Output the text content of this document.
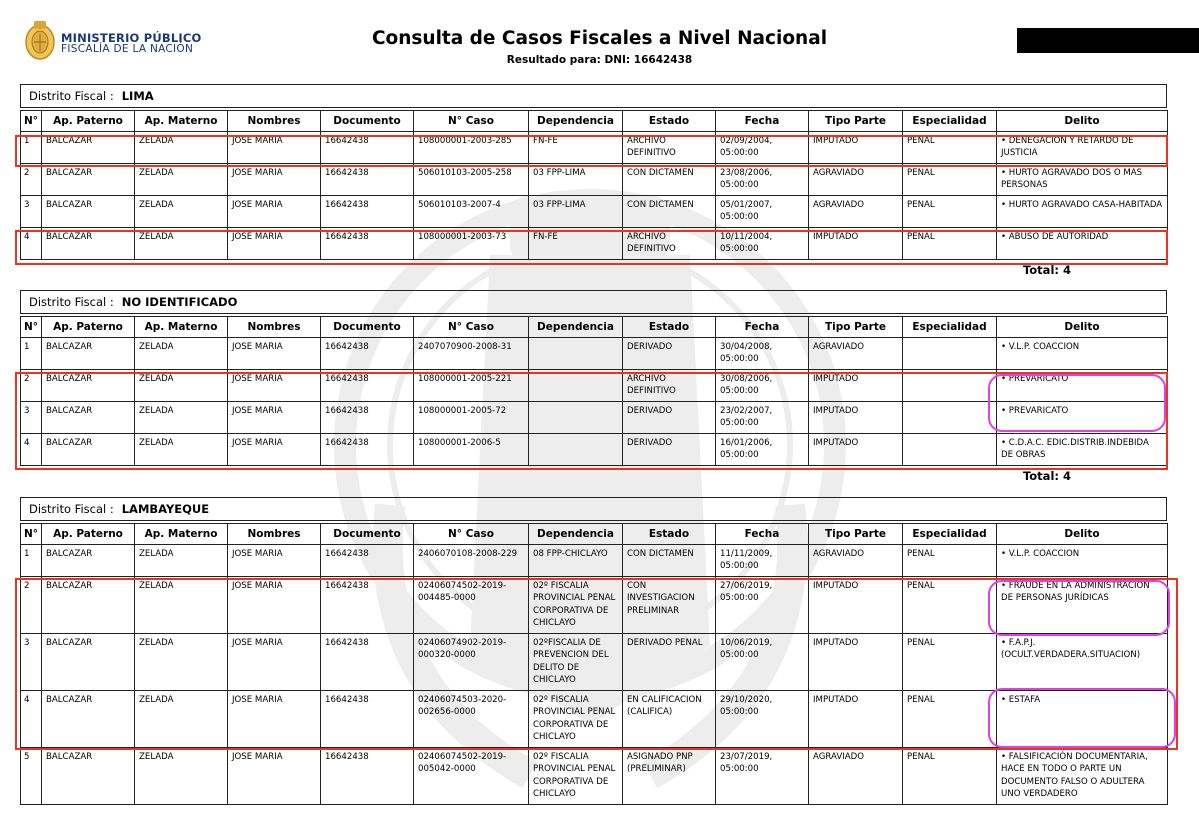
MINISTERIO PÚBLICO
FISCALÍA DE LA NACIÓN	Consulta de Casos Fiscales a Nivel Nacional
Resultado para: DNI: 16642438
Distrito Fiscal : LIMA
N°	Ap. Paterno	Ap. Materno	Nombres	Documento	N° Caso	Dependencia	Estado	Fecha	Tipo Parte	Especialidad	Delito
1	BALCAZAR	ZELADA	JOSE MARIA	16642438	108000001-2003-285	FN-FE	ARCHIVO DEFINITIVO	02/09/2004, 05:00:00	IMPUTADO	PENAL	• DENEGACION Y RETARDO DE JUSTICIA
2	BALCAZAR	ZELADA	JOSE MARIA	16642438	506010103-2005-258	03 FPP-LIMA	CON DICTAMEN	23/08/2006, 05:00:00	AGRAVIADO	PENAL	• HURTO AGRAVADO DOS O MAS PERSONAS
3	BALCAZAR	ZELADA	JOSE MARIA	16642438	506010103-2007-4	03 FPP-LIMA	CON DICTAMEN	05/01/2007, 05:00:00	AGRAVIADO	PENAL	• HURTO AGRAVADO CASA-HABITADA
4	BALCAZAR	ZELADA	JOSE MARIA	16642438	108000001-2003-73	FN-FE	ARCHIVO DEFINITIVO	10/11/2004, 05:00:00	IMPUTADO	PENAL	• ABUSO DE AUTORIDAD
Total: 4
Distrito Fiscal : NO IDENTIFICADO
N°	Ap. Paterno	Ap. Materno	Nombres	Documento	N° Caso	Dependencia	Estado	Fecha	Tipo Parte	Especialidad	Delito
1	BALCAZAR	ZELADA	JOSE MARIA	16642438	2407070900-2008-31		DERIVADO	30/04/2008, 05:00:00	AGRAVIADO		• V.L.P. COACCION
2	BALCAZAR	ZELADA	JOSE MARIA	16642438	108000001-2005-221		ARCHIVO DEFINITIVO	30/08/2006, 05:00:00	IMPUTADO		• PREVARICATO
3	BALCAZAR	ZELADA	JOSE MARIA	16642438	108000001-2005-72		DERIVADO	23/02/2007, 05:00:00	IMPUTADO		• PREVARICATO
4	BALCAZAR	ZELADA	JOSE MARIA	16642438	108000001-2006-5		DERIVADO	16/01/2006, 05:00:00	IMPUTADO		• C.D.A.C. EDIC.DISTRIB.INDEBIDA DE OBRAS
Total: 4
Distrito Fiscal : LAMBAYEQUE
N°	Ap. Paterno	Ap. Materno	Nombres	Documento	N° Caso	Dependencia	Estado	Fecha	Tipo Parte	Especialidad	Delito
1	BALCAZAR	ZELADA	JOSE MARIA	16642438	2406070108-2008-229	08 FPP-CHICLAYO	CON DICTAMEN	11/11/2009, 05:00:00	AGRAVIADO	PENAL	• V.L.P. COACCION
2	BALCAZAR	ZELADA	JOSE MARIA	16642438	02406074502-2019-004485-0000	02º FISCALIA PROVINCIAL PENAL CORPORATIVA DE CHICLAYO	CON INVESTIGACION PRELIMINAR	27/06/2019, 05:00:00	IMPUTADO	PENAL	• FRAUDE EN LA ADMINISTRACIÓN DE PERSONAS JURÍDICAS
3	BALCAZAR	ZELADA	JOSE MARIA	16642438	02406074902-2019-000320-0000	02ºFISCALIA DE PREVENCION DEL DELITO DE CHICLAYO	DERIVADO PENAL	10/06/2019, 05:00:00	IMPUTADO	PENAL	• F.A.P.J.(OCULT.VERDADERA.SITUACION)
4	BALCAZAR	ZELADA	JOSE MARIA	16642438	02406074503-2020-002656-0000	02º FISCALIA PROVINCIAL PENAL CORPORATIVA DE CHICLAYO	EN CALIFICACION (CALIFICA)	29/10/2020, 05:00:00	IMPUTADO	PENAL	• ESTAFA
5	BALCAZAR	ZELADA	JOSE MARIA	16642438	02406074502-2019-005042-0000	02º FISCALIA PROVINCIAL PENAL CORPORATIVA DE CHICLAYO	ASIGNADO PNP (PRELIMINAR)	23/07/2019, 05:00:00	AGRAVIADO	PENAL	• FALSIFICACIÓN DOCUMENTARIA, HACE EN TODO O PARTE UN DOCUMENTO FALSO O ADULTERA UNO VERDADERO
